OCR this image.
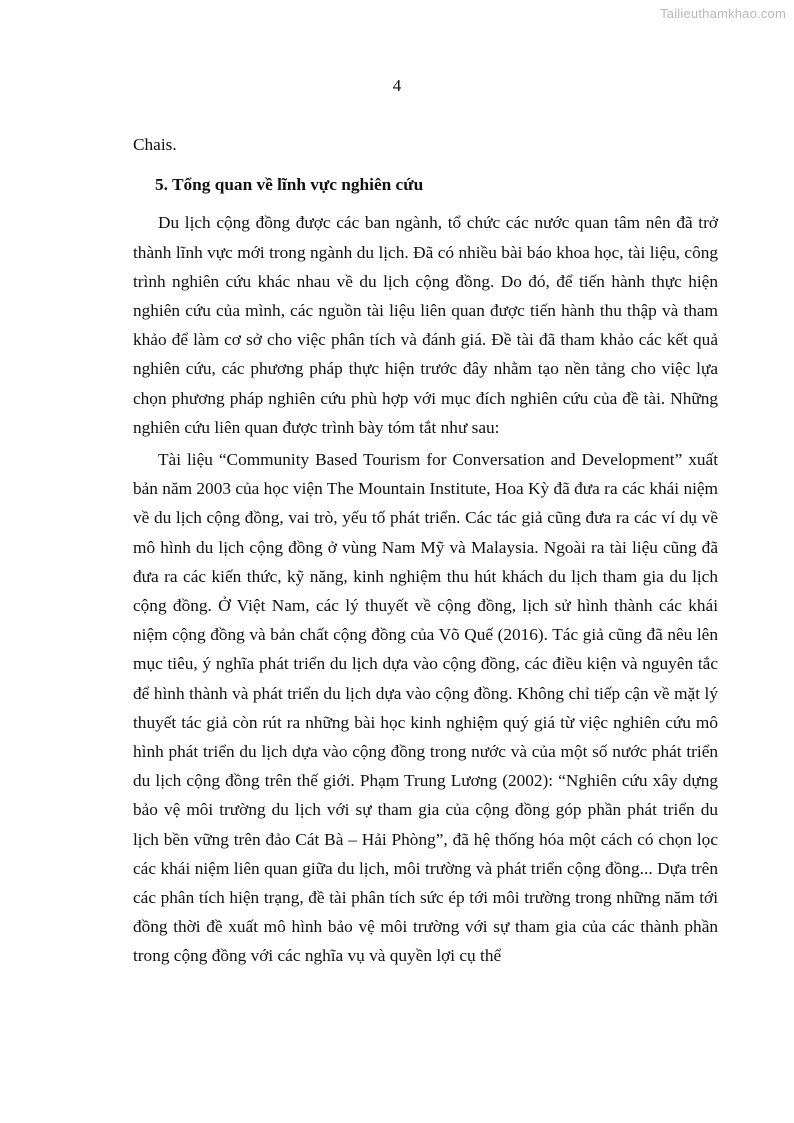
Tailieuthamkhao.com
4

Chais.

5. Tổng quan về lĩnh vực nghiên cứu

Du lịch cộng đồng được các ban ngành, tổ chức các nước quan tâm nên đã trở thành lĩnh vực mới trong ngành du lịch. Đã có nhiều bài báo khoa học, tài liệu, công trình nghiên cứu khác nhau về du lịch cộng đồng. Do đó, để tiến hành thực hiện nghiên cứu của mình, các nguồn tài liệu liên quan được tiến hành thu thập và tham khảo để làm cơ sở cho việc phân tích và đánh giá. Đề tài đã tham khảo các kết quả nghiên cứu, các phương pháp thực hiện trước đây nhằm tạo nền tảng cho việc lựa chọn phương pháp nghiên cứu phù hợp với mục đích nghiên cứu của đề tài. Những nghiên cứu liên quan được trình bày tóm tắt như sau:

Tài liệu “Community Based Tourism for Conversation and Development” xuất bản năm 2003 của học viện The Mountain Institute, Hoa Kỳ đã đưa ra các khái niệm về du lịch cộng đồng, vai trò, yếu tố phát triển. Các tác giả cũng đưa ra các ví dụ về mô hình du lịch cộng đồng ở vùng Nam Mỹ và Malaysia. Ngoài ra tài liệu cũng đã đưa ra các kiến thức, kỹ năng, kinh nghiệm thu hút khách du lịch tham gia du lịch cộng đồng. Ở Việt Nam, các lý thuyết về cộng đồng, lịch sử hình thành các khái niệm cộng đồng và bản chất cộng đồng của Võ Quế (2016). Tác giả cũng đã nêu lên mục tiêu, ý nghĩa phát triển du lịch dựa vào cộng đồng, các điều kiện và nguyên tắc để hình thành và phát triển du lịch dựa vào cộng đồng. Không chỉ tiếp cận về mặt lý thuyết tác giả còn rút ra những bài học kinh nghiệm quý giá từ việc nghiên cứu mô hình phát triển du lịch dựa vào cộng đồng trong nước và của một số nước phát triển du lịch cộng đồng trên thế giới. Phạm Trung Lương (2002): “Nghiên cứu xây dựng bảo vệ môi trường du lịch với sự tham gia của cộng đồng góp phần phát triển du lịch bền vững trên đảo Cát Bà – Hải Phòng”, đã hệ thống hóa một cách có chọn lọc các khái niệm liên quan giữa du lịch, môi trường và phát triển cộng đồng... Dựa trên các phân tích hiện trạng, đề tài phân tích sức ép tới môi trường trong những năm tới đồng thời đề xuất mô hình bảo vệ môi trường với sự tham gia của các thành phần trong cộng đồng với các nghĩa vụ và quyền lợi cụ thể
